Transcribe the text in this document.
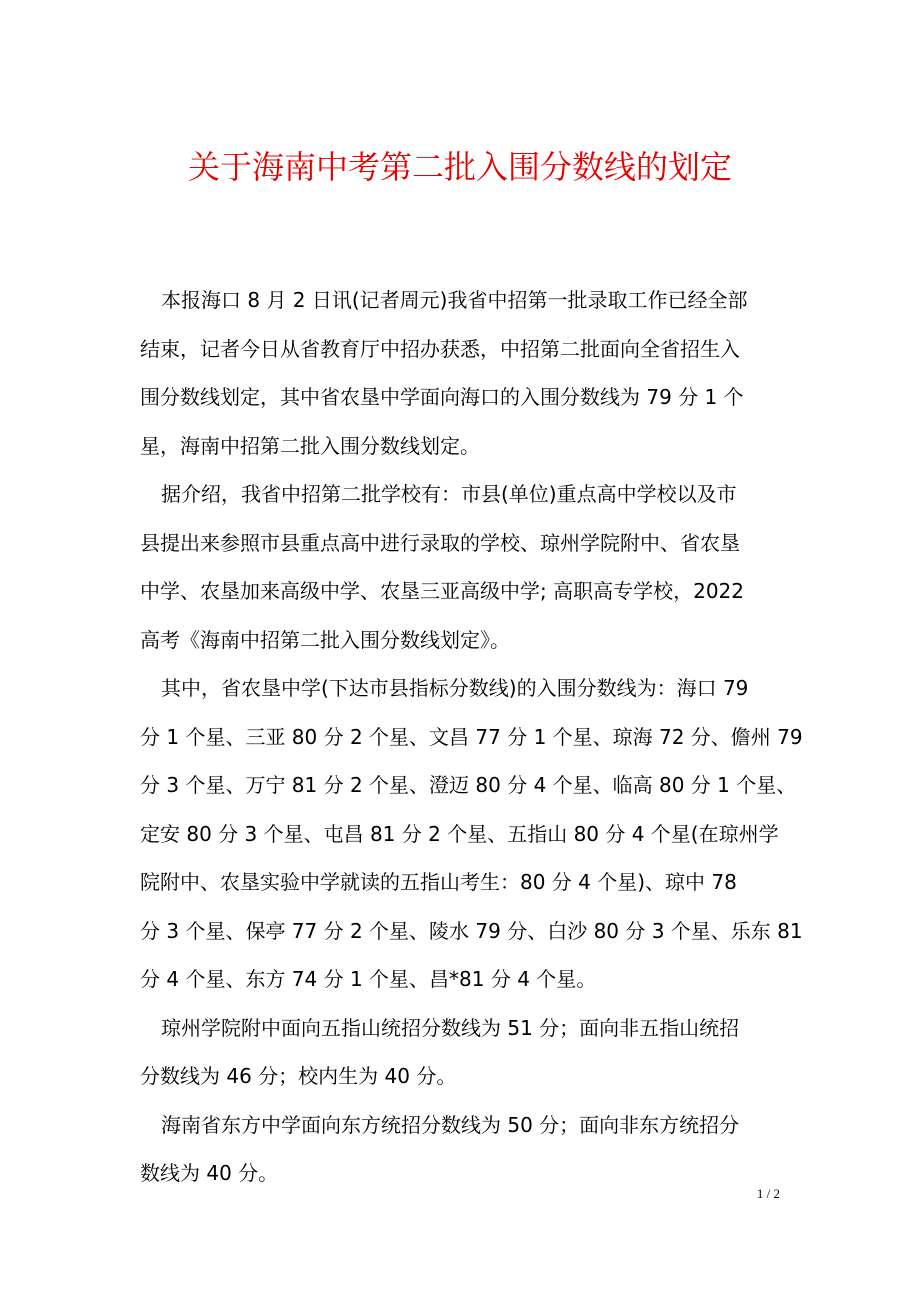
关于海南中考第二批入围分数线的划定

本报海口 8 月 2 日讯(记者周元)我省中招第一批录取工作已经全部
结束，记者今日从省教育厅中招办获悉，中招第二批面向全省招生入
围分数线划定，其中省农垦中学面向海口的入围分数线为 79 分 1 个
星，海南中招第二批入围分数线划定。

据介绍，我省中招第二批学校有：市县(单位)重点高中学校以及市
县提出来参照市县重点高中进行录取的学校、琼州学院附中、省农垦
中学、农垦加来高级中学、农垦三亚高级中学; 高职高专学校，2022
高考《海南中招第二批入围分数线划定》。

其中，省农垦中学(下达市县指标分数线)的入围分数线为：海口 79
分 1 个星、三亚 80 分 2 个星、文昌 77 分 1 个星、琼海 72 分、儋州 79
分 3 个星、万宁 81 分 2 个星、澄迈 80 分 4 个星、临高 80 分 1 个星、
定安 80 分 3 个星、屯昌 81 分 2 个星、五指山 80 分 4 个星(在琼州学
院附中、农垦实验中学就读的五指山考生：80 分 4 个星)、琼中 78
分 3 个星、保亭 77 分 2 个星、陵水 79 分、白沙 80 分 3 个星、乐东 81
分 4 个星、东方 74 分 1 个星、昌*81 分 4 个星。

琼州学院附中面向五指山统招分数线为 51 分；面向非五指山统招
分数线为 46 分；校内生为 40 分。

海南省东方中学面向东方统招分数线为 50 分；面向非东方统招分
数线为 40 分。

1 / 2
